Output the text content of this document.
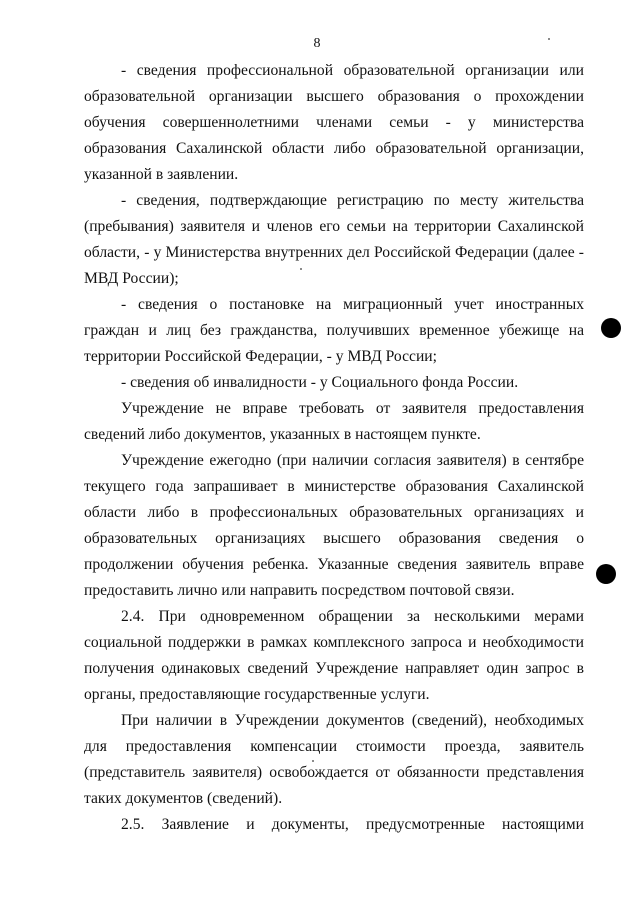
8

- сведения профессиональной образовательной организации или образовательной организации высшего образования о прохождении обучения совершеннолетними членами семьи - у министерства образования Сахалинской области либо образовательной организации, указанной в заявлении.

- сведения, подтверждающие регистрацию по месту жительства (пребывания) заявителя и членов его семьи на территории Сахалинской области, - у Министерства внутренних дел Российской Федерации (далее - МВД России);

- сведения о постановке на миграционный учет иностранных граждан и лиц без гражданства, получивших временное убежище на территории Российской Федерации, - у МВД России;

- сведения об инвалидности - у Социального фонда России.

Учреждение не вправе требовать от заявителя предоставления сведений либо документов, указанных в настоящем пункте.

Учреждение ежегодно (при наличии согласия заявителя) в сентябре текущего года запрашивает в министерстве образования Сахалинской области либо в профессиональных образовательных организациях и образовательных организациях высшего образования сведения о продолжении обучения ребенка. Указанные сведения заявитель вправе предоставить лично или направить посредством почтовой связи.

2.4. При одновременном обращении за несколькими мерами социальной поддержки в рамках комплексного запроса и необходимости получения одинаковых сведений Учреждение направляет один запрос в органы, предоставляющие государственные услуги.

При наличии в Учреждении документов (сведений), необходимых для предоставления компенсации стоимости проезда, заявитель (представитель заявителя) освобождается от обязанности представления таких документов (сведений).

2.5. Заявление и документы, предусмотренные настоящими
